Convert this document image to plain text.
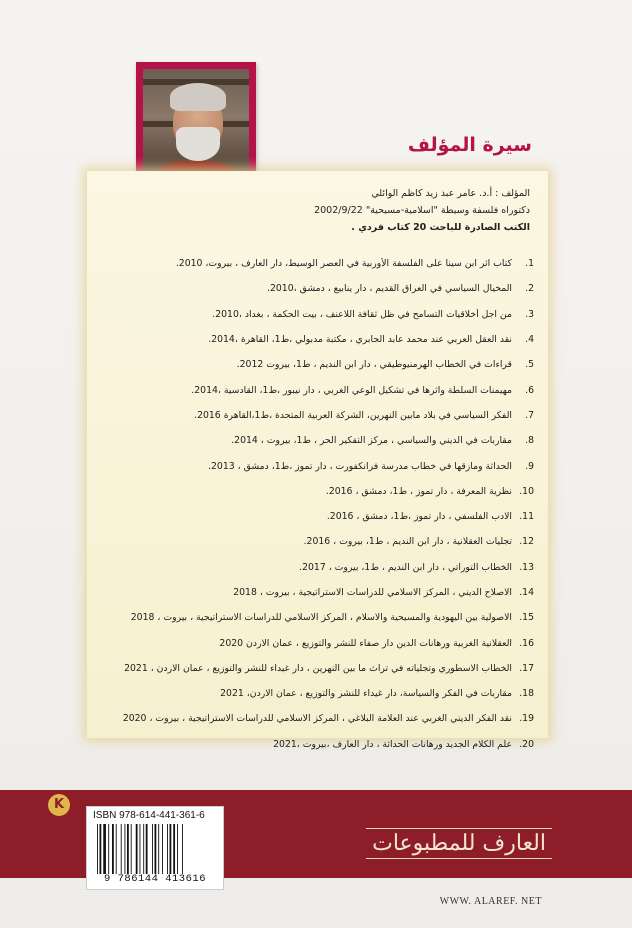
سيرة المؤلف
المؤلف : أ.د. عامر عبد زيد كاظم الوائلي
دكتوراه فلسفة وسيطة "اسلامية-مسيحية" 2002/9/22
الكتب الصادرة للباحث 20 كتاب فردي .
1.
كتاب اثر ابن سينا على الفلسفة الأوربية في العصر الوسيط، دار العارف ، بيروت، 2010.
2.
المخيال السياسي في العراق القديم ، دار ينابيع ، دمشق ،2010.
3.
من اجل أخلاقيات التسامح في ظل ثقافة اللاعنف ، بيت الحكمة ، بغداد ،2010.
4.
نقد العقل العربي عند محمد عابد الجابري ، مكتبة مدبولي ،ط1، القاهرة ،2014.
5.
قراءات في الخطاب الهرمنيوطيقي ، دار ابن النديم ، ط1، بيروت 2012.
6.
مهيمنات السلطة واثرها في تشكيل الوعي الغربي ، دار نيبور ،ط1، القادسية ،2014.
7.
الفكر السياسي في بلاد مابين النهرين، الشركة العربية المتحدة ،ط1،القاهرة 2016.
8.
مقاربات في الديني والسياسي ، مركز التفكير الحر ، ط1، بيروت ، 2014.
9.
الحداثة ومازقها في خطاب مدرسة فرانكفورت ، دار تموز ،ط1، دمشق ، 2013.
10.
نظرية المعرفة ، دار تموز ، ط1، دمشق ، 2016.
11.
الادب الفلسفي ، دار تموز ،ط1، دمشق ، 2016.
12.
تجليات العقلانية ، دار ابن النديم ، ط1، بيروت ، 2016.
13.
الخطاب التوراتي ، دار ابن النديم ، ط1، بيروت ، 2017.
14.
الاصلاح الديني ، المركز الاسلامي للدراسات الاستراتيجية ، بيروت ، 2018
15.
الاصولية بين اليهودية والمسيحية والاسلام ، المركز الاسلامي للدراسات الاستراتيجية ، بيروت ، 2018
16.
العقلانية الغربية ورهانات الدين دار صفاء للنشر والتوزيع ، عمان الاردن 2020
17.
الخطاب الاسطوري وتجلياته في تراث ما بين النهرين ، دار غيداء للنشر والتوزيع ، عمان الاردن ، 2021
18.
مقاربات في الفكر والسياسة، دار غيداء للنشر والتوزيع ، عمان الاردن، 2021
19.
نقد الفكر الديني الغربي عند العلامة البلاغي ، المركز الاسلامي للدراسات الاستراتيجية ، بيروت ، 2020
20.
علم الكلام الجديد ورهانات الحداثة ، دار العارف ،بيروت ،2021
K
ISBN 978-614-441-361-6
9 786144 413616
العارف للمطبوعات
WWW. ALAREF. NET
